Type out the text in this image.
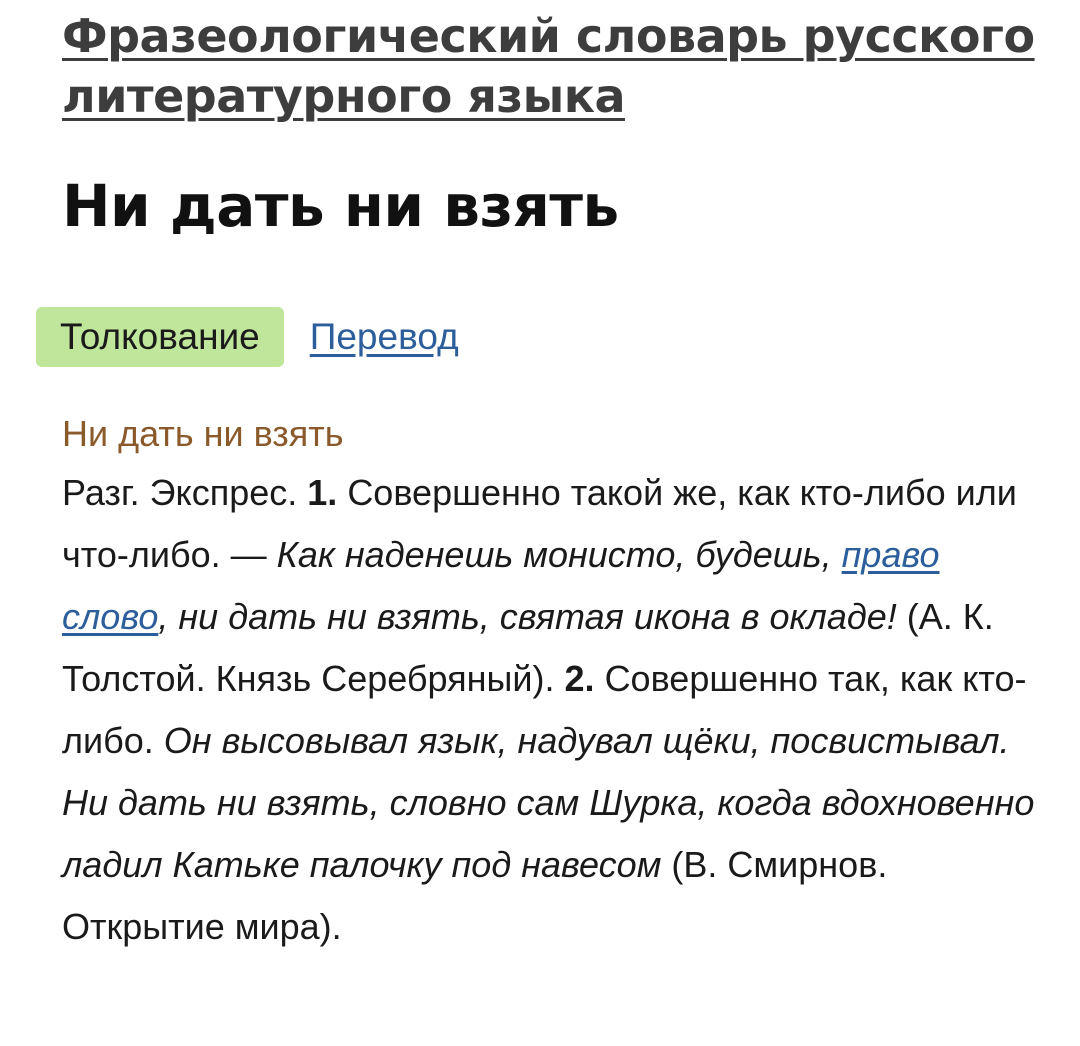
Фразеологический словарь русского литературного языка
Ни дать ни взять
Толкование	Перевод
Ни дать ни взять
Разг. Экспрес. 1. Совершенно такой же, как кто-либо или что-либо. — Как наденешь монисто, будешь, право слово, ни дать ни взять, святая икона в окладе! (А. К. Толстой. Князь Серебряный). 2. Совершенно так, как кто-либо. Он высовывал язык, надувал щёки, посвистывал. Ни дать ни взять, словно сам Шурка, когда вдохновенно ладил Катьке палочку под навесом (В. Смирнов. Открытие мира).
